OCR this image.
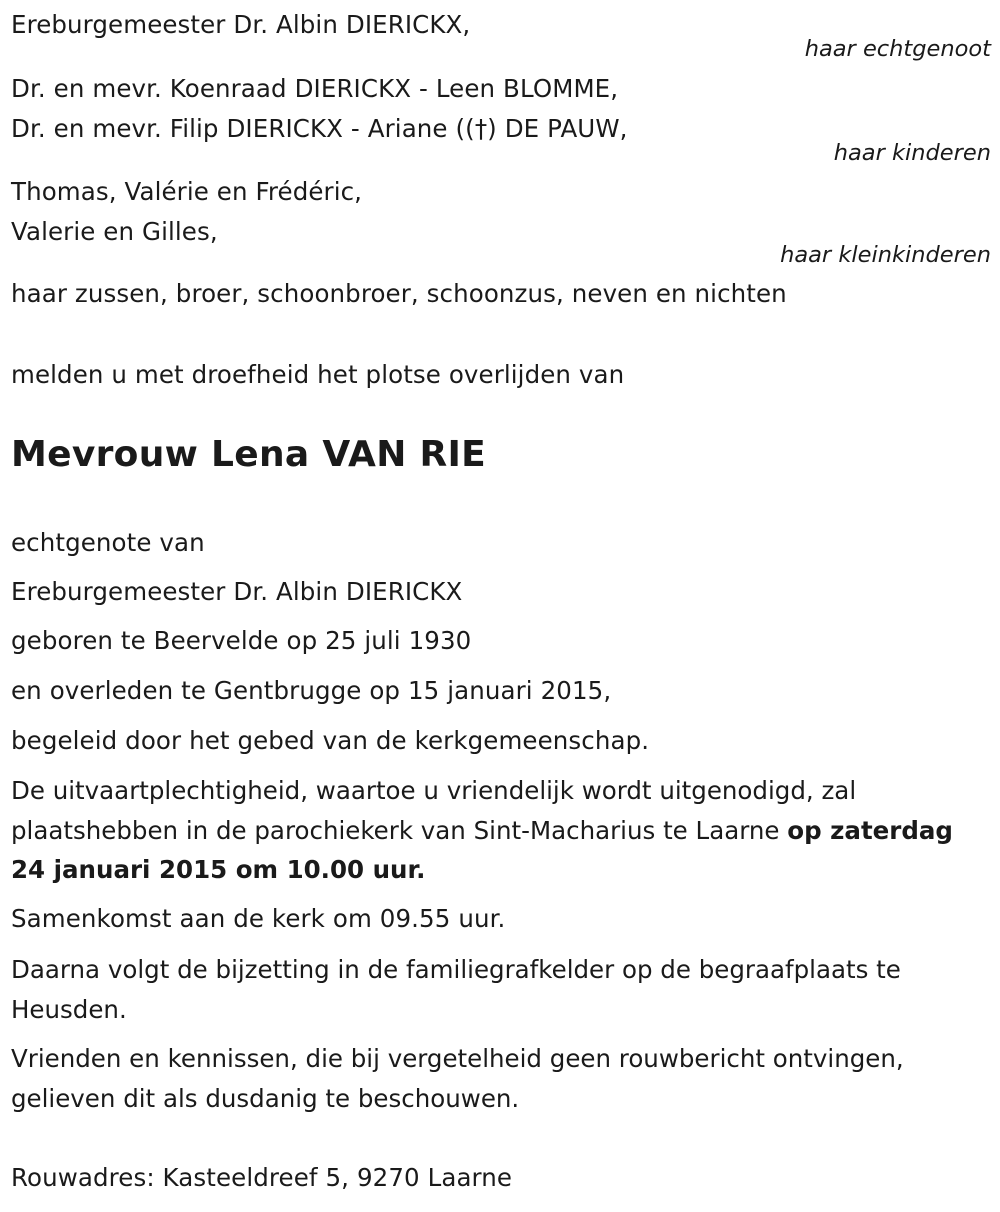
Ereburgemeester Dr. Albin DIERICKX,
haar echtgenoot
Dr. en mevr. Koenraad DIERICKX - Leen BLOMME,
Dr. en mevr. Filip DIERICKX - Ariane ((†) DE PAUW,
haar kinderen
Thomas, Valérie en Frédéric,
Valerie en Gilles,
haar kleinkinderen
haar zussen, broer, schoonbroer, schoonzus, neven en nichten
melden u met droefheid het plotse overlijden van
Mevrouw Lena VAN RIE
echtgenote van
Ereburgemeester Dr. Albin DIERICKX
geboren te Beervelde op 25 juli 1930
en overleden te Gentbrugge op 15 januari 2015,
begeleid door het gebed van de kerkgemeenschap.
De uitvaartplechtigheid, waartoe u vriendelijk wordt uitgenodigd, zal plaatshebben in de parochiekerk van Sint-Macharius te Laarne op zaterdag 24 januari 2015 om 10.00 uur.
Samenkomst aan de kerk om 09.55 uur.
Daarna volgt de bijzetting in de familiegrafkelder op de begraafplaats te Heusden.
Vrienden en kennissen, die bij vergetelheid geen rouwbericht ontvingen, gelieven dit als dusdanig te beschouwen.
Rouwadres: Kasteeldreef 5, 9270 Laarne
